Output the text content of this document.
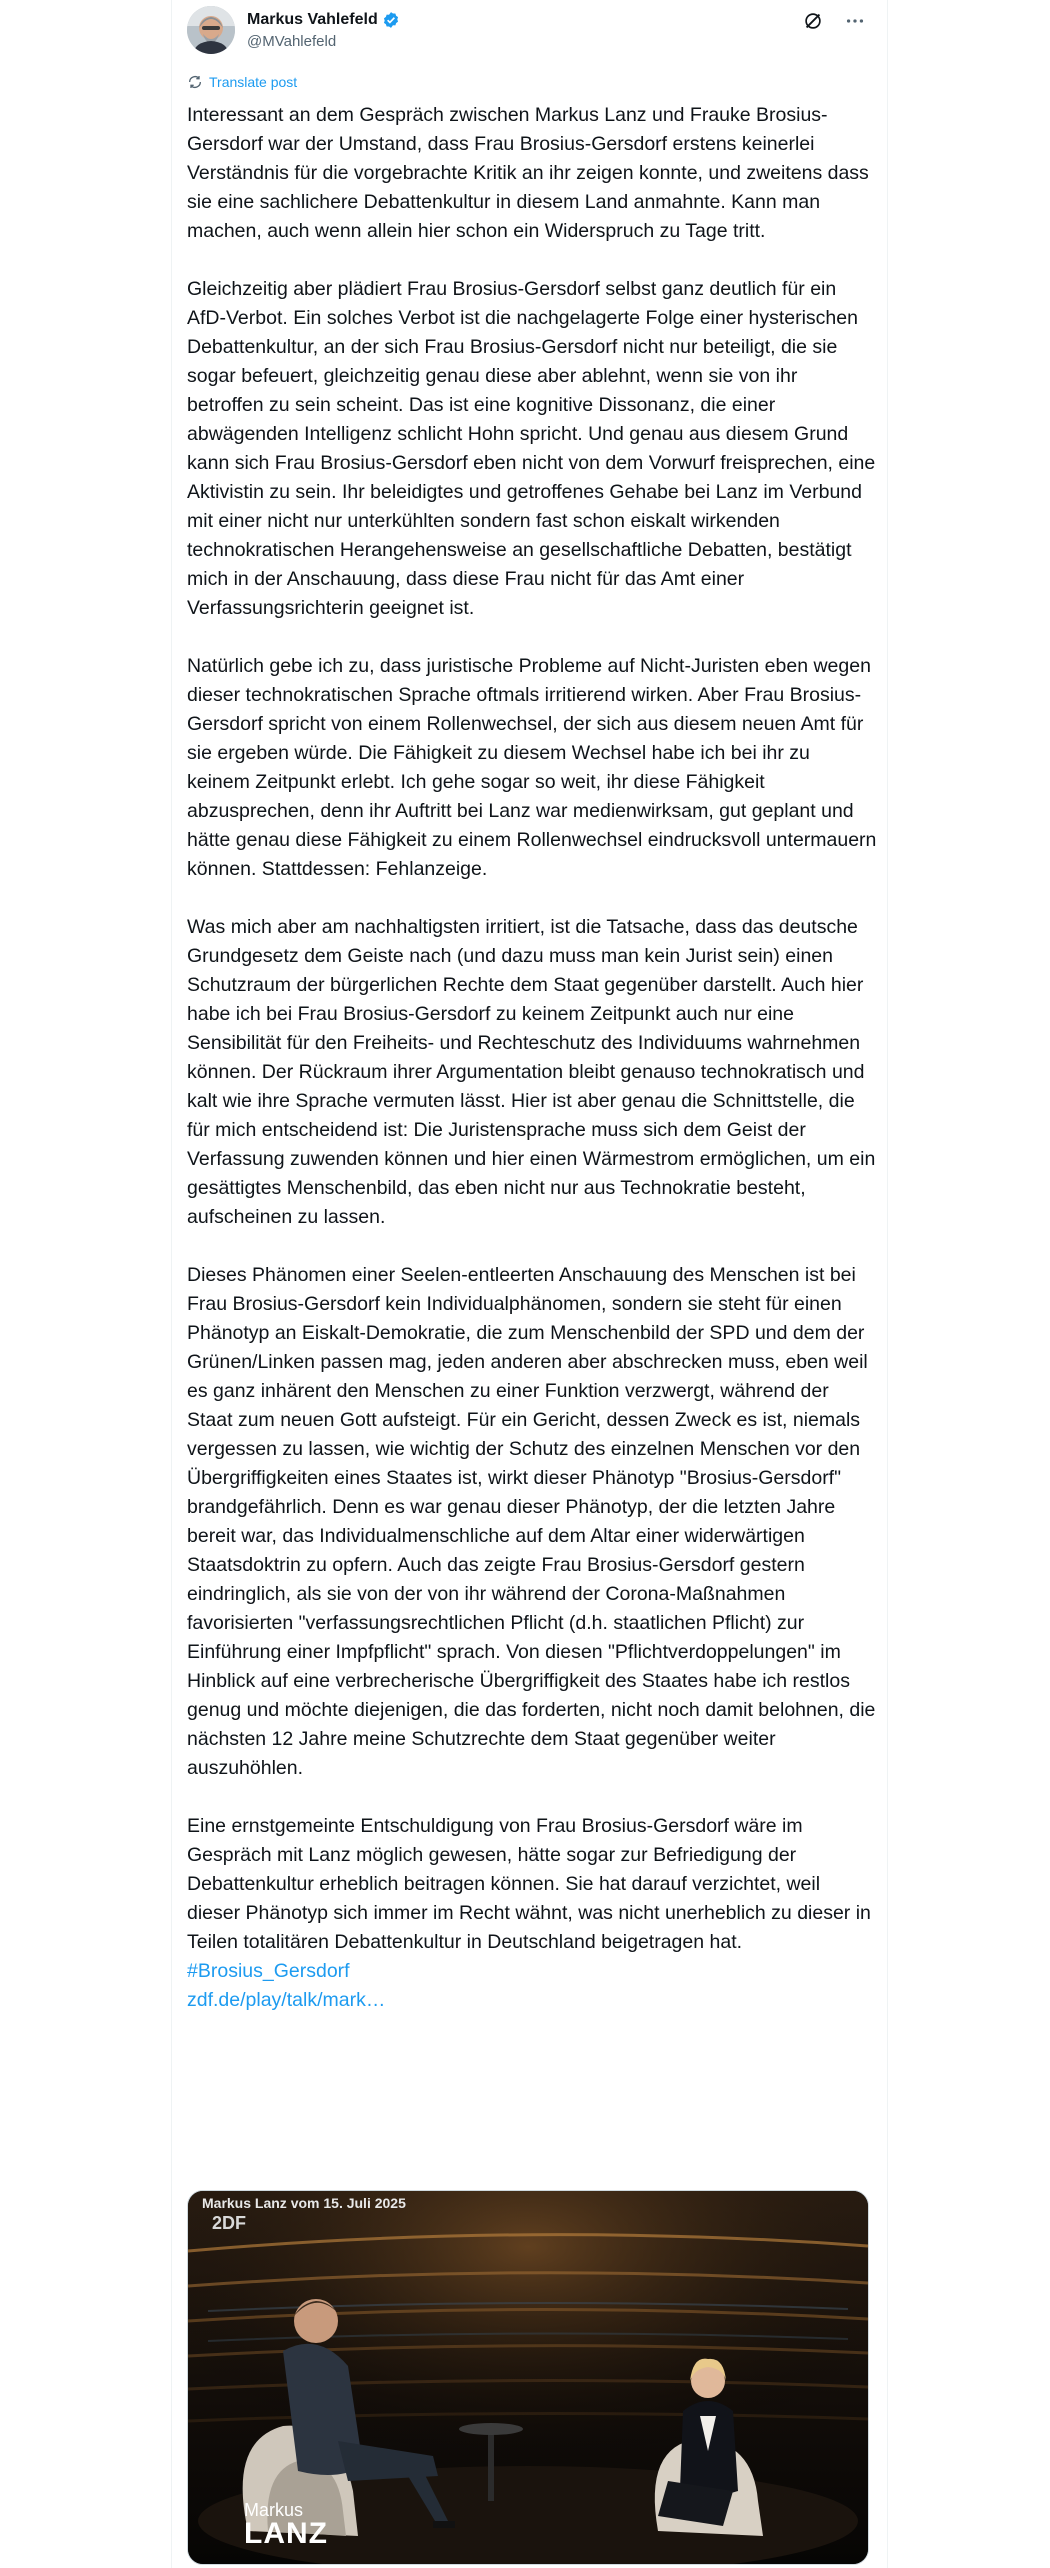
Markus Vahlefeld
@MVahlefeld
Translate post

Interessant an dem Gespräch zwischen Markus Lanz und Frauke Brosius-Gersdorf war der Umstand, dass Frau Brosius-Gersdorf erstens keinerlei Verständnis für die vorgebrachte Kritik an ihr zeigen konnte, und zweitens dass sie eine sachlichere Debattenkultur in diesem Land anmahnte. Kann man machen, auch wenn allein hier schon ein Widerspruch zu Tage tritt.

Gleichzeitig aber plädiert Frau Brosius-Gersdorf selbst ganz deutlich für ein AfD-Verbot. Ein solches Verbot ist die nachgelagerte Folge einer hysterischen Debattenkultur, an der sich Frau Brosius-Gersdorf nicht nur beteiligt, die sie sogar befeuert, gleichzeitig genau diese aber ablehnt, wenn sie von ihr betroffen zu sein scheint. Das ist eine kognitive Dissonanz, die einer abwägenden Intelligenz schlicht Hohn spricht. Und genau aus diesem Grund kann sich Frau Brosius-Gersdorf eben nicht von dem Vorwurf freisprechen, eine Aktivistin zu sein. Ihr beleidigtes und getroffenes Gehabe bei Lanz im Verbund mit einer nicht nur unterkühlten sondern fast schon eiskalt wirkenden technokratischen Herangehensweise an gesellschaftliche Debatten, bestätigt mich in der Anschauung, dass diese Frau nicht für das Amt einer Verfassungsrichterin geeignet ist.

Natürlich gebe ich zu, dass juristische Probleme auf Nicht-Juristen eben wegen dieser technokratischen Sprache oftmals irritierend wirken. Aber Frau Brosius-Gersdorf spricht von einem Rollenwechsel, der sich aus diesem neuen Amt für sie ergeben würde. Die Fähigkeit zu diesem Wechsel habe ich bei ihr zu keinem Zeitpunkt erlebt. Ich gehe sogar so weit, ihr diese Fähigkeit abzusprechen, denn ihr Auftritt bei Lanz war medienwirksam, gut geplant und hätte genau diese Fähigkeit zu einem Rollenwechsel eindrucksvoll untermauern können. Stattdessen: Fehlanzeige.

Was mich aber am nachhaltigsten irritiert, ist die Tatsache, dass das deutsche Grundgesetz dem Geiste nach (und dazu muss man kein Jurist sein) einen Schutzraum der bürgerlichen Rechte dem Staat gegenüber darstellt. Auch hier habe ich bei Frau Brosius-Gersdorf zu keinem Zeitpunkt auch nur eine Sensibilität für den Freiheits- und Rechteschutz des Individuums wahrnehmen können. Der Rückraum ihrer Argumentation bleibt genauso technokratisch und kalt wie ihre Sprache vermuten lässt. Hier ist aber genau die Schnittstelle, die für mich entscheidend ist: Die Juristensprache muss sich dem Geist der Verfassung zuwenden können und hier einen Wärmestrom ermöglichen, um ein gesättigtes Menschenbild, das eben nicht nur aus Technokratie besteht, aufscheinen zu lassen.

Dieses Phänomen einer Seelen-entleerten Anschauung des Menschen ist bei Frau Brosius-Gersdorf kein Individualphänomen, sondern sie steht für einen Phänotyp an Eiskalt-Demokratie, die zum Menschenbild der SPD und dem der Grünen/Linken passen mag, jeden anderen aber abschrecken muss, eben weil es ganz inhärent den Menschen zu einer Funktion verzwergt, während der Staat zum neuen Gott aufsteigt. Für ein Gericht, dessen Zweck es ist, niemals vergessen zu lassen, wie wichtig der Schutz des einzelnen Menschen vor den Übergriffigkeiten eines Staates ist, wirkt dieser Phänotyp "Brosius-Gersdorf" brandgefährlich. Denn es war genau dieser Phänotyp, der die letzten Jahre bereit war, das Individualmenschliche auf dem Altar einer widerwärtigen Staatsdoktrin zu opfern. Auch das zeigte Frau Brosius-Gersdorf gestern eindringlich, als sie von der von ihr während der Corona-Maßnahmen favorisierten "verfassungsrechtlichen Pflicht (d.h. staatlichen Pflicht) zur Einführung einer Impfpflicht" sprach. Von diesen "Pflichtverdoppelungen" im Hinblick auf eine verbrecherische Übergriffigkeit des Staates habe ich restlos genug und möchte diejenigen, die das forderten, nicht noch damit belohnen, die nächsten 12 Jahre meine Schutzrechte dem Staat gegenüber weiter auszuhöhlen.

Eine ernstgemeinte Entschuldigung von Frau Brosius-Gersdorf wäre im Gespräch mit Lanz möglich gewesen, hätte sogar zur Befriedigung der Debattenkultur erheblich beitragen können. Sie hat darauf verzichtet, weil dieser Phänotyp sich immer im Recht wähnt, was nicht unerheblich zu dieser in Teilen totalitären Debattenkultur in Deutschland beigetragen hat.

#Brosius_Gersdorf
zdf.de/play/talk/mark…
Markus Lanz vom 15. Juli 2025
2DF
Markus
LANZ
